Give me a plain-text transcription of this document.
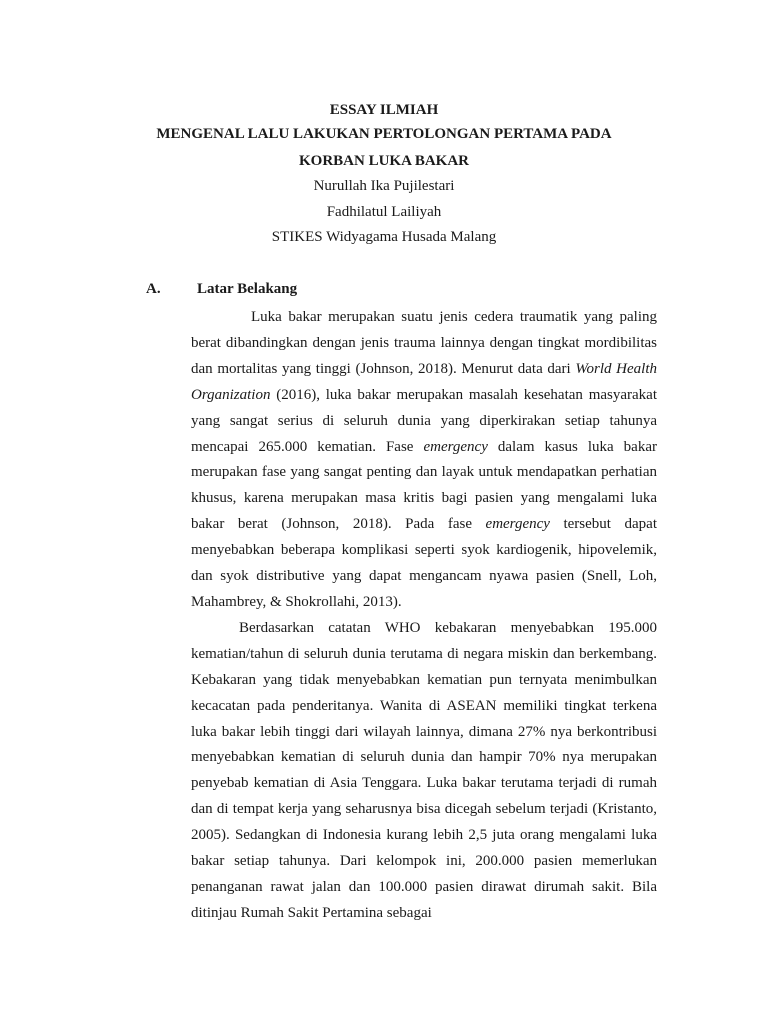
ESSAY ILMIAH
MENGENAL LALU LAKUKAN PERTOLONGAN PERTAMA PADA
KORBAN LUKA BAKAR
Nurullah Ika Pujilestari
Fadhilatul Lailiyah
STIKES Widyagama Husada Malang
A. Latar Belakang

Luka bakar merupakan suatu jenis cedera traumatik yang paling berat dibandingkan dengan jenis trauma lainnya dengan tingkat mordibilitas dan mortalitas yang tinggi (Johnson, 2018). Menurut data dari World Health Organization (2016), luka bakar merupakan masalah kesehatan masyarakat yang sangat serius di seluruh dunia yang diperkirakan setiap tahunya mencapai 265.000 kematian. Fase emergency dalam kasus luka bakar merupakan fase yang sangat penting dan layak untuk mendapatkan perhatian khusus, karena merupakan masa kritis bagi pasien yang mengalami luka bakar berat (Johnson, 2018). Pada fase emergency tersebut dapat menyebabkan beberapa komplikasi seperti syok kardiogenik, hipovelemik, dan syok distributive yang dapat mengancam nyawa pasien (Snell, Loh, Mahambrey, & Shokrollahi, 2013).

Berdasarkan catatan WHO kebakaran menyebabkan 195.000 kematian/tahun di seluruh dunia terutama di negara miskin dan berkembang. Kebakaran yang tidak menyebabkan kematian pun ternyata menimbulkan kecacatan pada penderitanya. Wanita di ASEAN memiliki tingkat terkena luka bakar lebih tinggi dari wilayah lainnya, dimana 27% nya berkontribusi menyebabkan kematian di seluruh dunia dan hampir 70% nya merupakan penyebab kematian di Asia Tenggara. Luka bakar terutama terjadi di rumah dan di tempat kerja yang seharusnya bisa dicegah sebelum terjadi (Kristanto, 2005). Sedangkan di Indonesia kurang lebih 2,5 juta orang mengalami luka bakar setiap tahunya. Dari kelompok ini, 200.000 pasien memerlukan penanganan rawat jalan dan 100.000 pasien dirawat dirumah sakit. Bila ditinjau Rumah Sakit Pertamina sebagai
